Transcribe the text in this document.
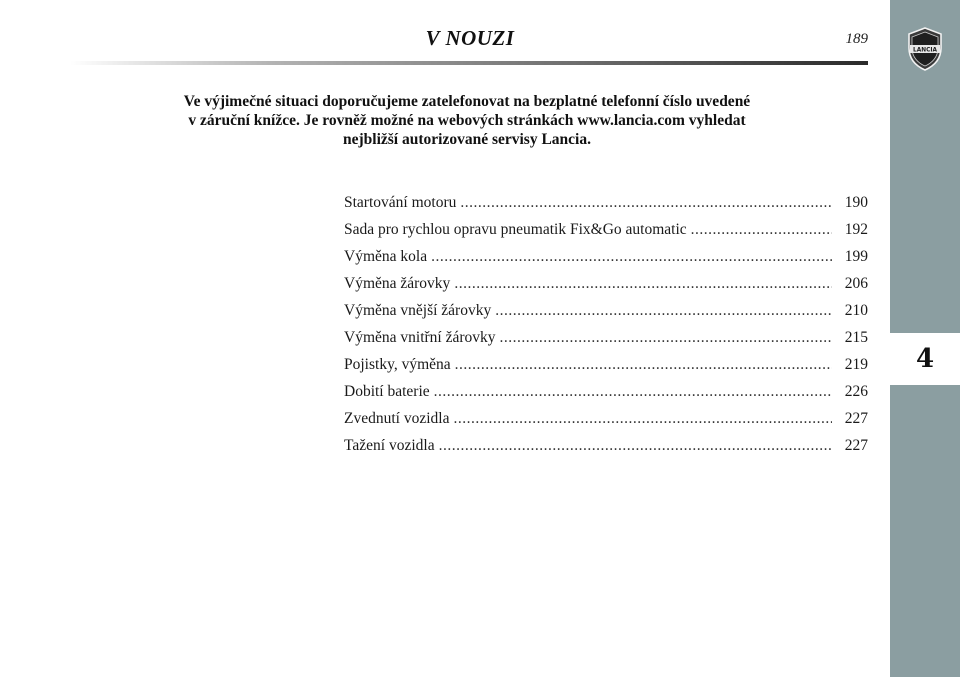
LANCIA
4
V NOUZI	189
Ve výjimečné situaci doporučujeme zatelefonovat na bezplatné telefonní číslo uvedené
v záruční knížce. Je rovněž možné na webových stránkách www.lancia.com vyhledat
nejbližší autorizované servisy Lancia.
Startování motoru .....	190
Sada pro rychlou opravu pneumatik Fix&Go automatic .....	192
Výměna kola .....	199
Výměna žárovky .....	206
Výměna vnější žárovky .....	210
Výměna vnitřní žárovky .....	215
Pojistky, výměna .....	219
Dobití baterie .....	226
Zvednutí vozidla .....	227
Tažení vozidla .....	227
